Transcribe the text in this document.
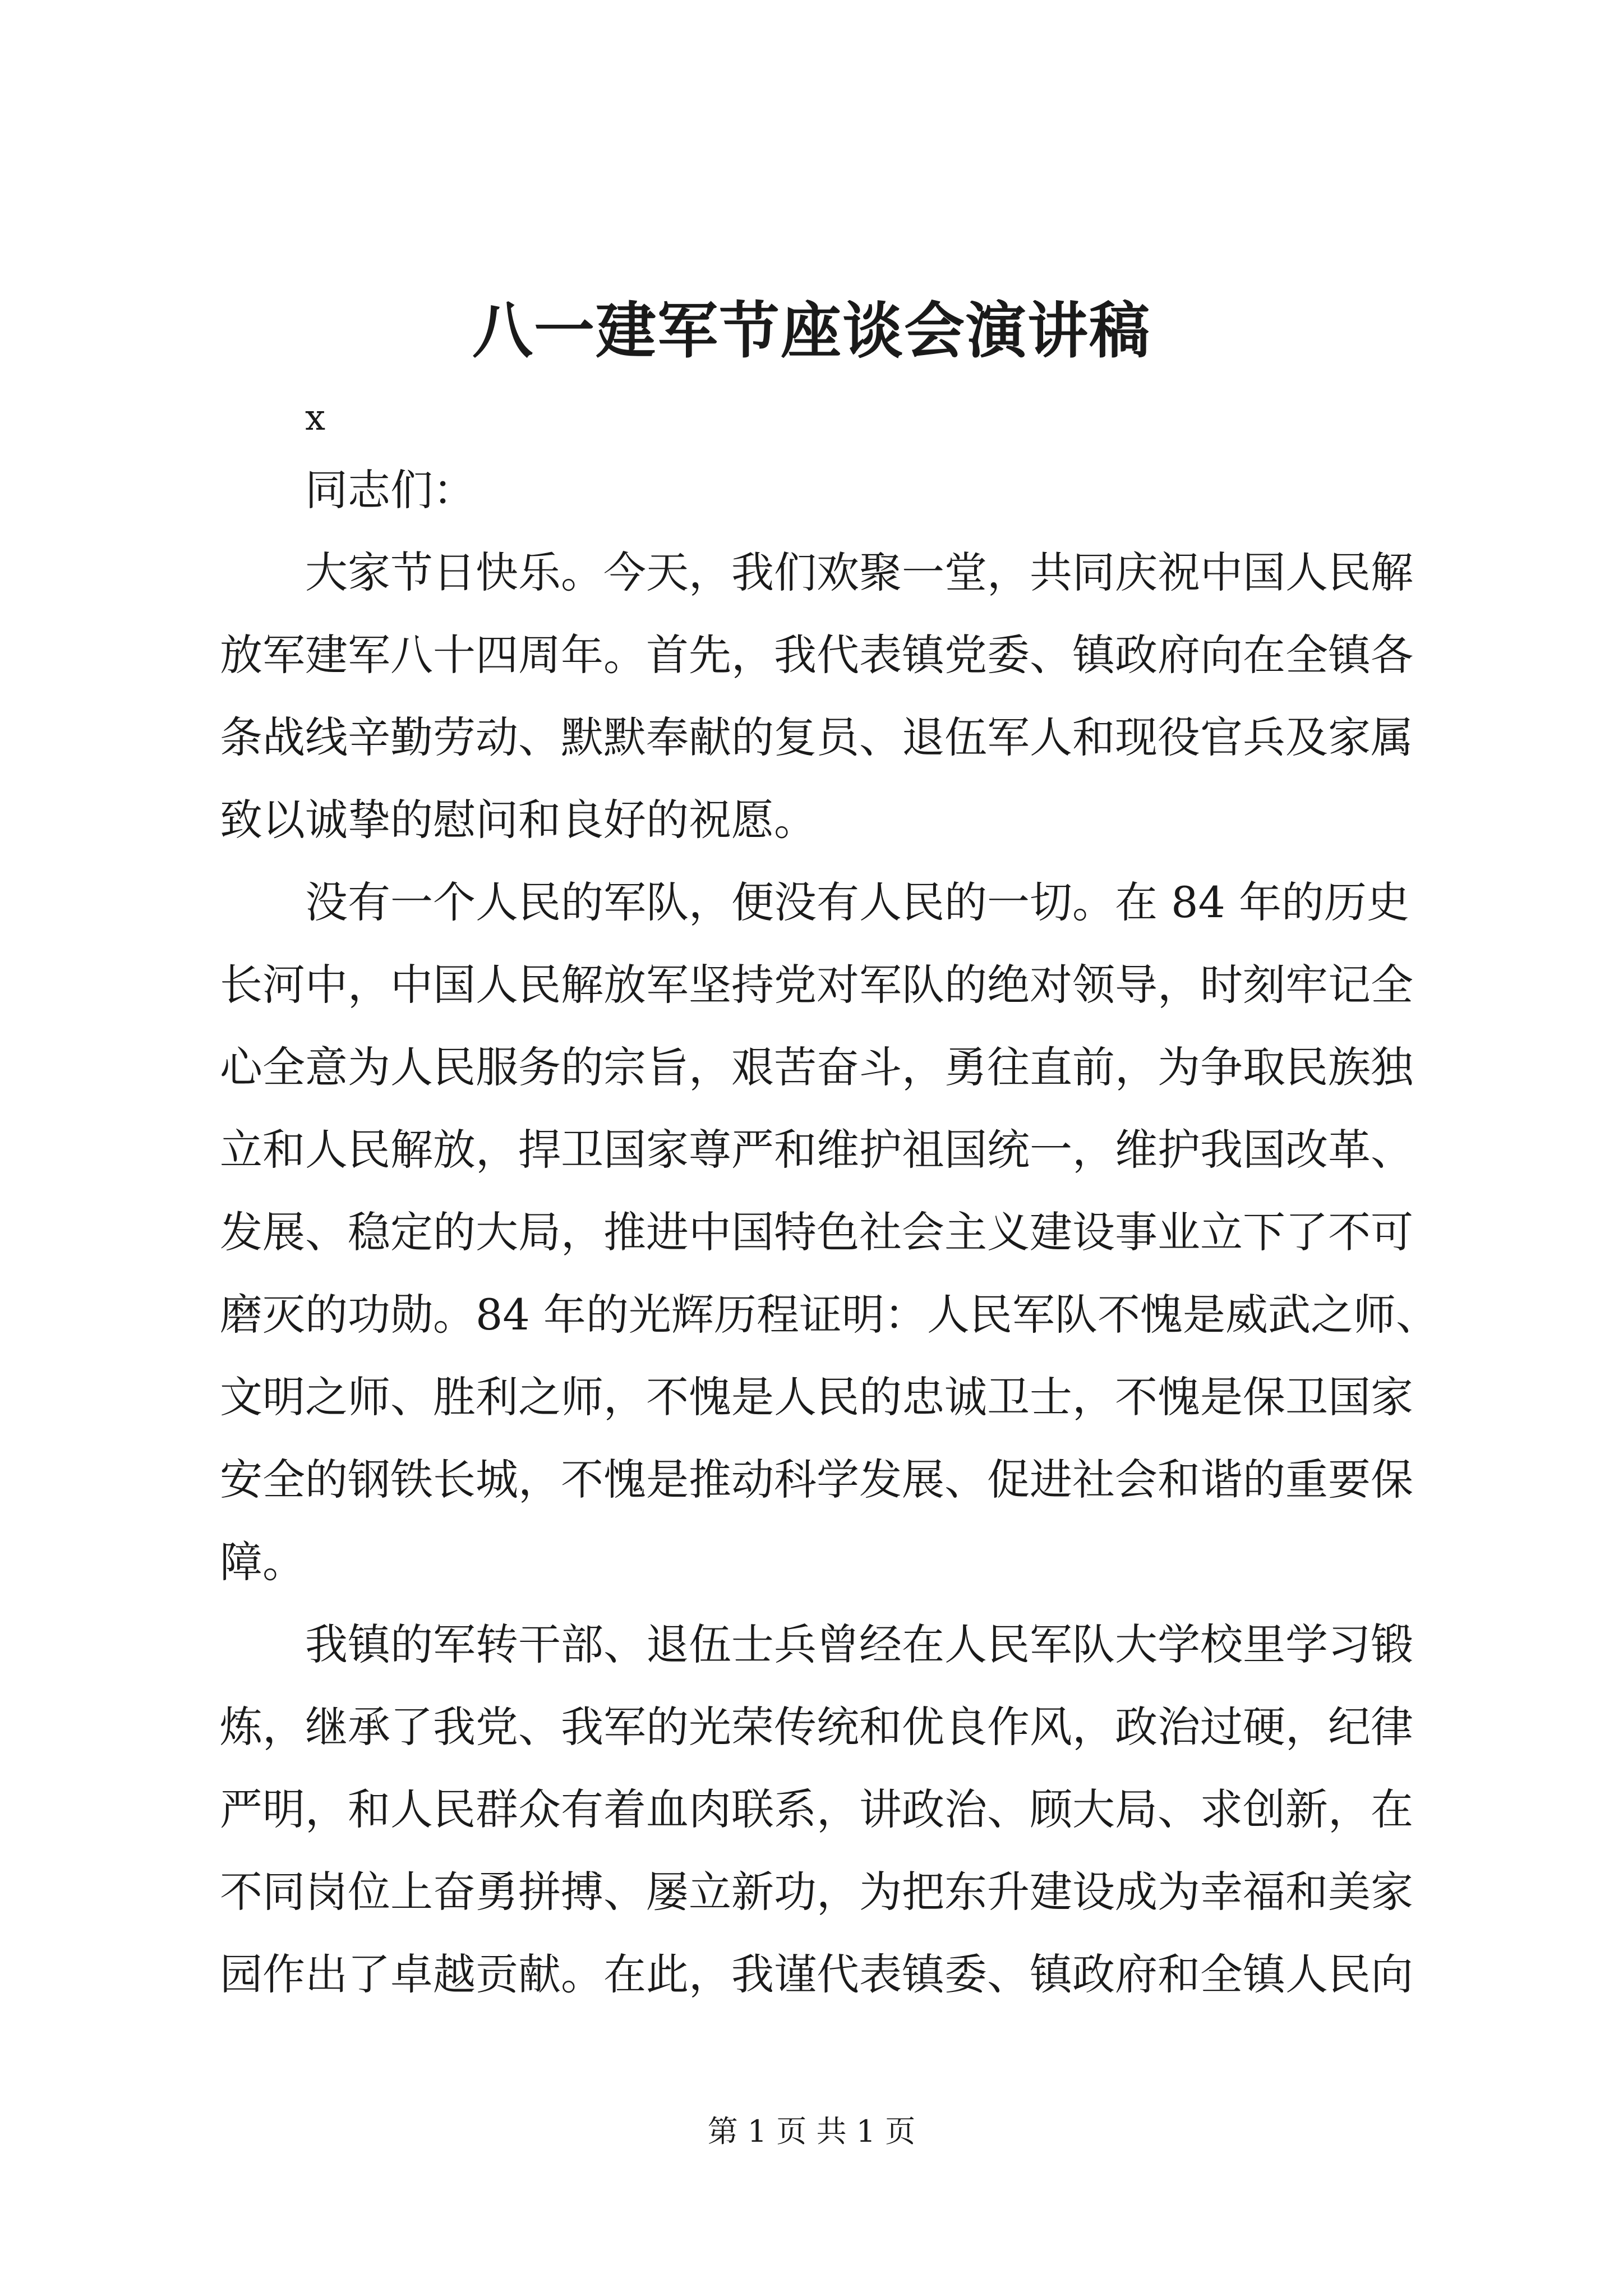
八一建军节座谈会演讲稿
x
同志们：
大家节日快乐。今天，我们欢聚一堂，共同庆祝中国人民解
放军建军八十四周年。首先，我代表镇党委、镇政府向在全镇各
条战线辛勤劳动、默默奉献的复员、退伍军人和现役官兵及家属
致以诚挚的慰问和良好的祝愿。
没有一个人民的军队，便没有人民的一切。在 84 年的历史
长河中，中国人民解放军坚持党对军队的绝对领导，时刻牢记全
心全意为人民服务的宗旨，艰苦奋斗，勇往直前，为争取民族独
立和人民解放，捍卫国家尊严和维护祖国统一，维护我国改革、
发展、稳定的大局，推进中国特色社会主义建设事业立下了不可
磨灭的功勋。84 年的光辉历程证明：人民军队不愧是威武之师、
文明之师、胜利之师，不愧是人民的忠诚卫士，不愧是保卫国家
安全的钢铁长城，不愧是推动科学发展、促进社会和谐的重要保
障。
我镇的军转干部、退伍士兵曾经在人民军队大学校里学习锻
炼，继承了我党、我军的光荣传统和优良作风，政治过硬，纪律
严明，和人民群众有着血肉联系，讲政治、顾大局、求创新，在
不同岗位上奋勇拼搏、屡立新功，为把东升建设成为幸福和美家
园作出了卓越贡献。在此，我谨代表镇委、镇政府和全镇人民向
第 1 页 共 1 页
